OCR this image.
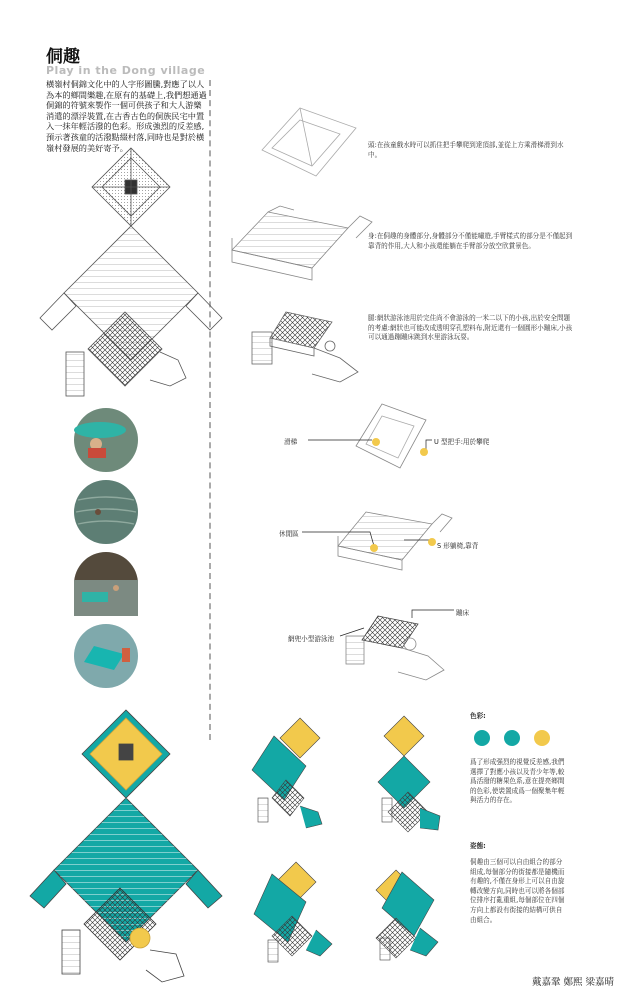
侗趣
Play in the Dong village
橫嶺村侗錦文化中的人字形圖騰,對應了以人為本的鄉間樂趣,在原有的基礎上,我們想通過侗錦的符號來製作一個可供孩子和大人游樂消遣的漂浮裝置,在古香古色的侗族民宅中置入一抹年輕活潑的色彩。形成強烈的反差感,預示著孩童的活潑點綴村落,同時也是對於橫嶺村發展的美好寄予。	頭:在孩童戲水時可以抓住把手攀爬到達頂部,並從上方乘滑梯滑到水中。
身:在侗趣的身體部分,身體部分不僅能嘯遊,手臂樣式的部分是不僅起到靠背的作用,大人和小孩還能躺在手臂部分放空欣賞景色。
腿:網狀游泳池用於完住尚不會游泳的一米二以下的小孩,出於安全問題的考慮:網狀也可能改成透明穿孔塑料布,附近還有一個圓形小蹦床,小孩可以通過蹦蹦床跳到水里游泳玩耍。
滑梯	U 型把手:用於攀爬
休閒區
S 形躺椅,靠背
蹦床
網兜小型游泳池
色彩:
爲了形成强烈的視覺反差感,我們選擇了對應小孩以及青少年等,較爲活潑的糖果色系,意在提亮鄉間的色彩,使裝置成爲一個聚集年輕與活力的存在。
姿態:
侗趣由三個可以自由組合的部分組成,每個部分的街接都是隨機而有趣的,不僅在身形上可以自由旋轉改變方向,同時也可以將各個部位排序打亂重組,每個部位在四個方向上都設有街接的結構可供自由組合。
戴嘉鞏 鄭熙 梁嘉晴
